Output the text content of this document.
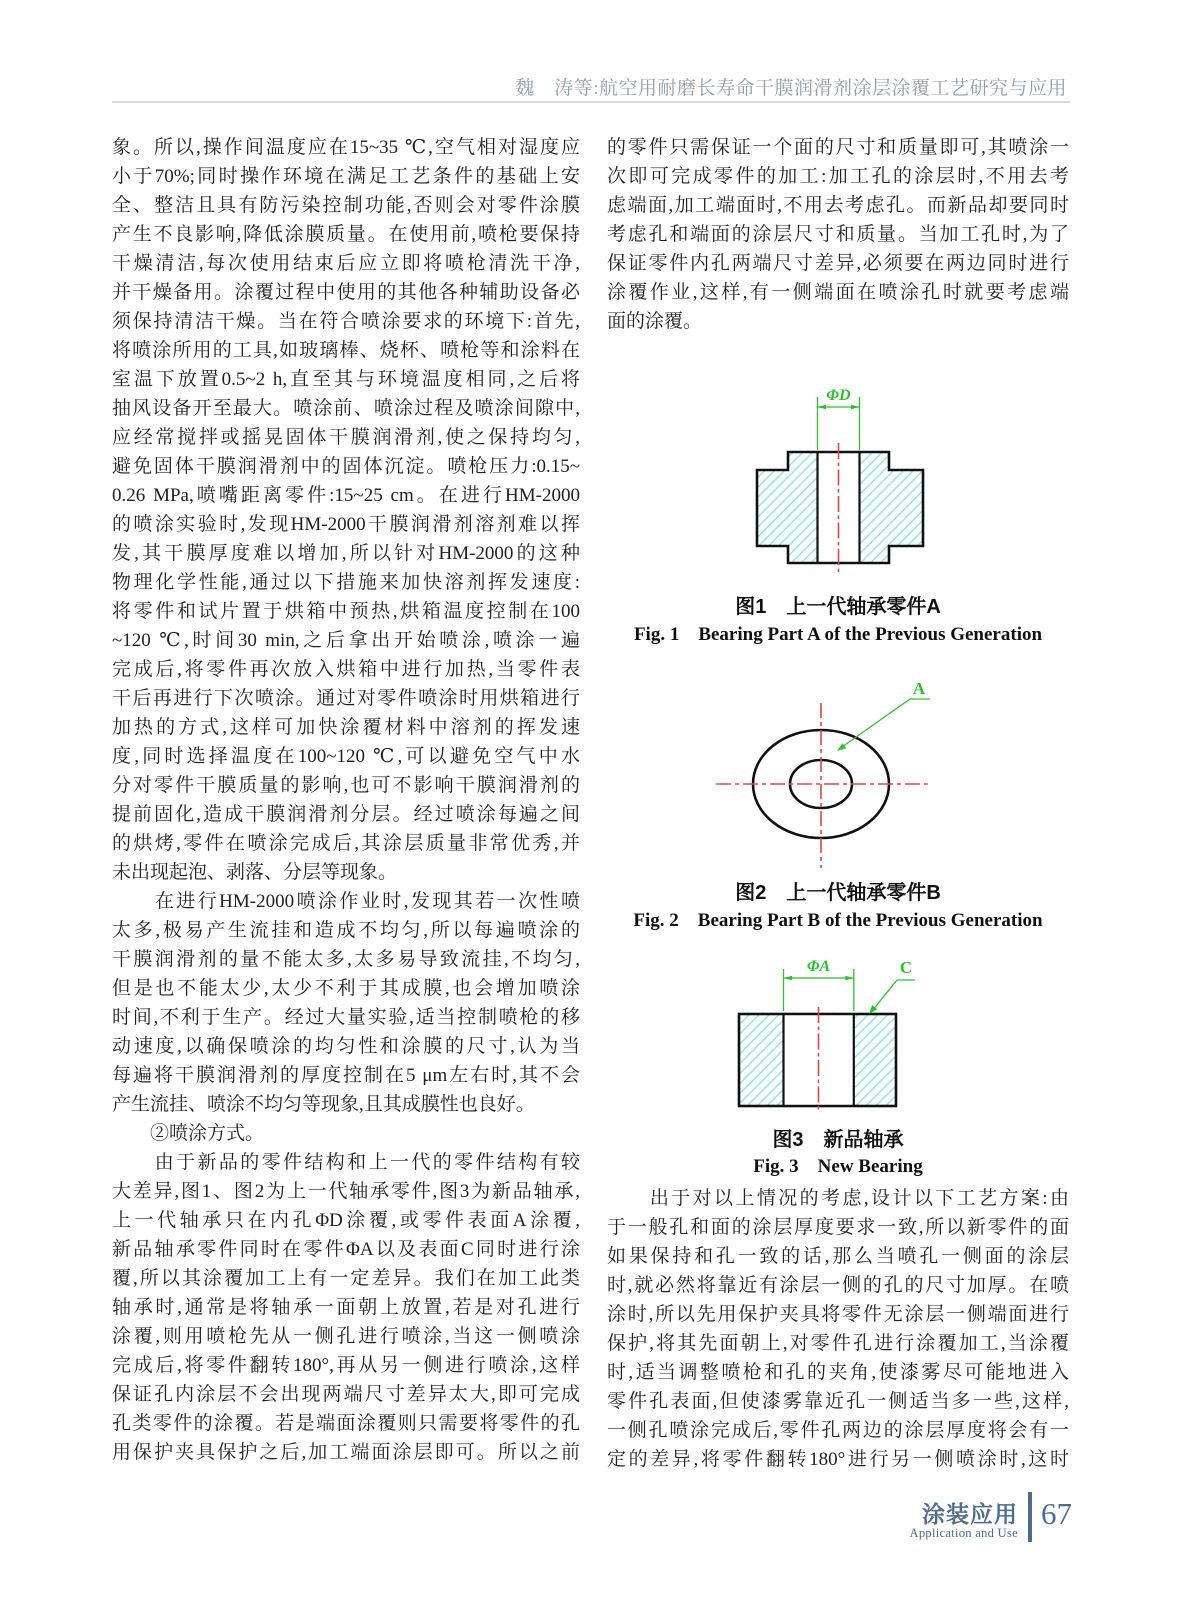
魏　涛等:航空用耐磨长寿命干膜润滑剂涂层涂覆工艺研究与应用
象。所以,操作间温度应在15~35 ℃,空气相对湿度应
小于70%;同时操作环境在满足工艺条件的基础上安
全、整洁且具有防污染控制功能,否则会对零件涂膜
产生不良影响,降低涂膜质量。在使用前,喷枪要保持
干燥清洁,每次使用结束后应立即将喷枪清洗干净,
并干燥备用。涂覆过程中使用的其他各种辅助设备必
须保持清洁干燥。当在符合喷涂要求的环境下:首先,
将喷涂所用的工具,如玻璃棒、烧杯、喷枪等和涂料在
室温下放置0.5~2 h,直至其与环境温度相同,之后将
抽风设备开至最大。喷涂前、喷涂过程及喷涂间隙中,
应经常搅拌或摇晃固体干膜润滑剂,使之保持均匀,
避免固体干膜润滑剂中的固体沉淀。喷枪压力:0.15~
0.26 MPa,喷嘴距离零件:15~25 cm。在进行HM-2000
的喷涂实验时,发现HM-2000干膜润滑剂溶剂难以挥
发,其干膜厚度难以增加,所以针对HM-2000的这种
物理化学性能,通过以下措施来加快溶剂挥发速度:
将零件和试片置于烘箱中预热,烘箱温度控制在100
~120 ℃,时间30 min,之后拿出开始喷涂,喷涂一遍
完成后,将零件再次放入烘箱中进行加热,当零件表
干后再进行下次喷涂。通过对零件喷涂时用烘箱进行
加热的方式,这样可加快涂覆材料中溶剂的挥发速
度,同时选择温度在100~120 ℃,可以避免空气中水
分对零件干膜质量的影响,也可不影响干膜润滑剂的
提前固化,造成干膜润滑剂分层。经过喷涂每遍之间
的烘烤,零件在喷涂完成后,其涂层质量非常优秀,并
未出现起泡、剥落、分层等现象。
　　在进行HM-2000喷涂作业时,发现其若一次性喷
太多,极易产生流挂和造成不均匀,所以每遍喷涂的
干膜润滑剂的量不能太多,太多易导致流挂,不均匀,
但是也不能太少,太少不利于其成膜,也会增加喷涂
时间,不利于生产。经过大量实验,适当控制喷枪的移
动速度,以确保喷涂的均匀性和涂膜的尺寸,认为当
每遍将干膜润滑剂的厚度控制在5 μm左右时,其不会
产生流挂、喷涂不均匀等现象,且其成膜性也良好。
　　②喷涂方式。
　　由于新品的零件结构和上一代的零件结构有较
大差异,图1、图2为上一代轴承零件,图3为新品轴承,
上一代轴承只在内孔ΦD涂覆,或零件表面A涂覆,
新品轴承零件同时在零件ΦA以及表面C同时进行涂
覆,所以其涂覆加工上有一定差异。我们在加工此类
轴承时,通常是将轴承一面朝上放置,若是对孔进行
涂覆,则用喷枪先从一侧孔进行喷涂,当这一侧喷涂
完成后,将零件翻转180°,再从另一侧进行喷涂,这样
保证孔内涂层不会出现两端尺寸差异太大,即可完成
孔类零件的涂覆。若是端面涂覆则只需要将零件的孔
用保护夹具保护之后,加工端面涂层即可。所以之前
的零件只需保证一个面的尺寸和质量即可,其喷涂一
次即可完成零件的加工:加工孔的涂层时,不用去考
虑端面,加工端面时,不用去考虑孔。而新品却要同时
考虑孔和端面的涂层尺寸和质量。当加工孔时,为了
保证零件内孔两端尺寸差异,必须要在两边同时进行
涂覆作业,这样,有一侧端面在喷涂孔时就要考虑端
面的涂覆。
ΦD
图1　上一代轴承零件A
Fig. 1　Bearing Part A of the Previous Generation
A
图2　上一代轴承零件B
Fig. 2　Bearing Part B of the Previous Generation
ΦA	C
图3　新品轴承
Fig. 3　New Bearing
　　出于对以上情况的考虑,设计以下工艺方案:由
于一般孔和面的涂层厚度要求一致,所以新零件的面
如果保持和孔一致的话,那么当喷孔一侧面的涂层
时,就必然将靠近有涂层一侧的孔的尺寸加厚。在喷
涂时,所以先用保护夹具将零件无涂层一侧端面进行
保护,将其先面朝上,对零件孔进行涂覆加工,当涂覆
时,适当调整喷枪和孔的夹角,使漆雾尽可能地进入
零件孔表面,但使漆雾靠近孔一侧适当多一些,这样,
一侧孔喷涂完成后,零件孔两边的涂层厚度将会有一
定的差异,将零件翻转180°进行另一侧喷涂时,这时
涂装应用
Application and Use
67
